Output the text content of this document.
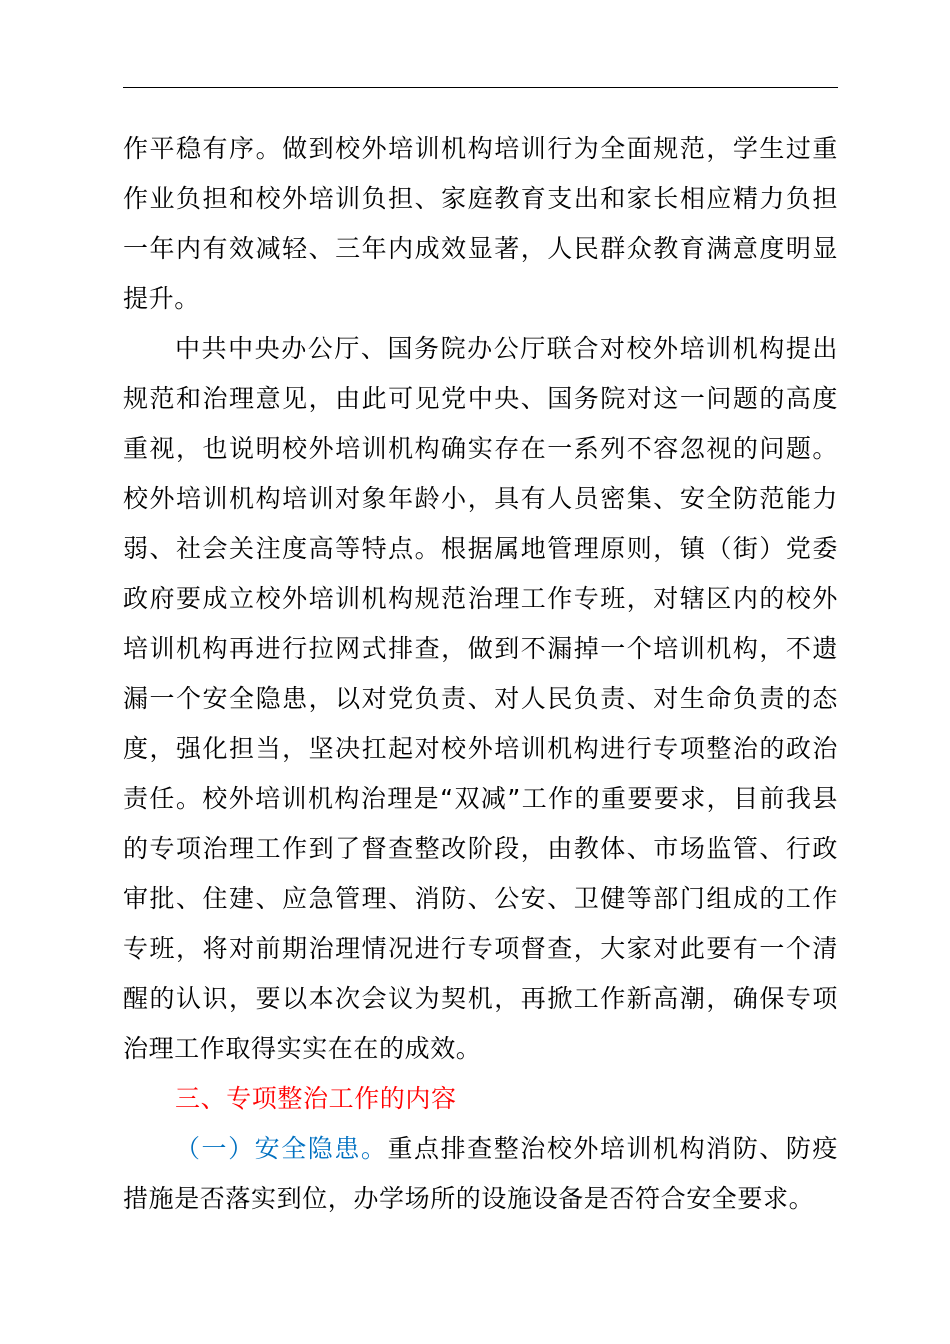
作平稳有序。做到校外培训机构培训行为全面规范，学生过重作业负担和校外培训负担、家庭教育支出和家长相应精力负担一年内有效减轻、三年内成效显著，人民群众教育满意度明显提升。

中共中央办公厅、国务院办公厅联合对校外培训机构提出规范和治理意见，由此可见党中央、国务院对这一问题的高度重视，也说明校外培训机构确实存在一系列不容忽视的问题。校外培训机构培训对象年龄小，具有人员密集、安全防范能力弱、社会关注度高等特点。根据属地管理原则，镇（街）党委政府要成立校外培训机构规范治理工作专班，对辖区内的校外培训机构再进行拉网式排查，做到不漏掉一个培训机构，不遗漏一个安全隐患，以对党负责、对人民负责、对生命负责的态度，强化担当，坚决扛起对校外培训机构进行专项整治的政治责任。校外培训机构治理是“双减”工作的重要要求，目前我县的专项治理工作到了督查整改阶段，由教体、市场监管、行政审批、住建、应急管理、消防、公安、卫健等部门组成的工作专班，将对前期治理情况进行专项督查，大家对此要有一个清醒的认识，要以本次会议为契机，再掀工作新高潮，确保专项治理工作取得实实在在的成效。

三、专项整治工作的内容

（一）安全隐患。重点排查整治校外培训机构消防、防疫措施是否落实到位，办学场所的设施设备是否符合安全要求。
